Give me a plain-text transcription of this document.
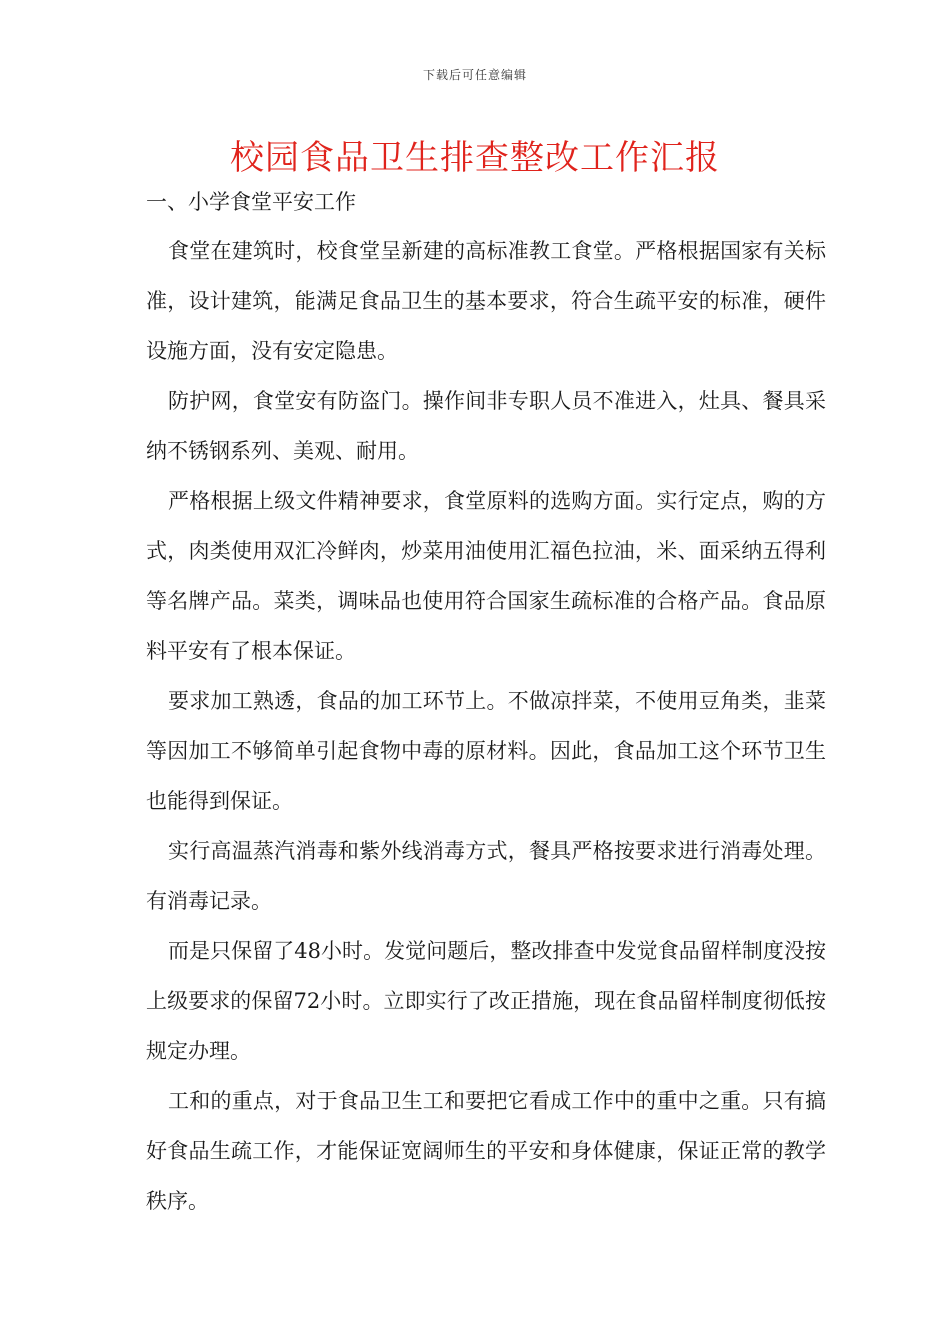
下载后可任意编辑
校园食品卫生排查整改工作汇报
一、小学食堂平安工作

食堂在建筑时，校食堂呈新建的高标准教工食堂。严格根据国家有关标准，设计建筑，能满足食品卫生的基本要求，符合生疏平安的标准，硬件设施方面，没有安定隐患。

防护网，食堂安有防盗门。操作间非专职人员不准进入，灶具、餐具采纳不锈钢系列、美观、耐用。

严格根据上级文件精神要求，食堂原料的选购方面。实行定点，购的方式，肉类使用双汇冷鲜肉，炒菜用油使用汇福色拉油，米、面采纳五得利等名牌产品。菜类，调味品也使用符合国家生疏标准的合格产品。食品原料平安有了根本保证。

要求加工熟透，食品的加工环节上。不做凉拌菜，不使用豆角类，韭菜等因加工不够简单引起食物中毒的原材料。因此，食品加工这个环节卫生也能得到保证。

实行高温蒸汽消毒和紫外线消毒方式，餐具严格按要求进行消毒处理。有消毒记录。

而是只保留了48小时。发觉问题后，整改排查中发觉食品留样制度没按上级要求的保留72小时。立即实行了改正措施，现在食品留样制度彻低按规定办理。

工和的重点，对于食品卫生工和要把它看成工作中的重中之重。只有搞好食品生疏工作，才能保证宽阔师生的平安和身体健康，保证正常的教学秩序。
